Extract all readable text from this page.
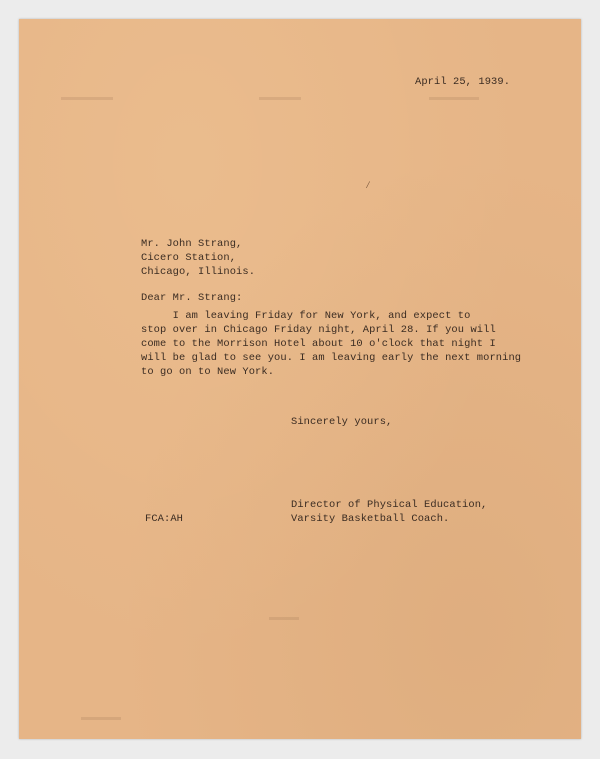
∕
April 25, 1939.
Mr. John Strang,
Cicero Station,
Chicago, Illinois.
Dear Mr. Strang:
I am leaving Friday for New York, and expect to
stop over in Chicago Friday night, April 28. If you will
come to the Morrison Hotel about 10 o'clock that night I
will be glad to see you. I am leaving early the next morning
to go on to New York.
Sincerely yours,
Director of Physical Education,
Varsity Basketball Coach.
FCA:AH
